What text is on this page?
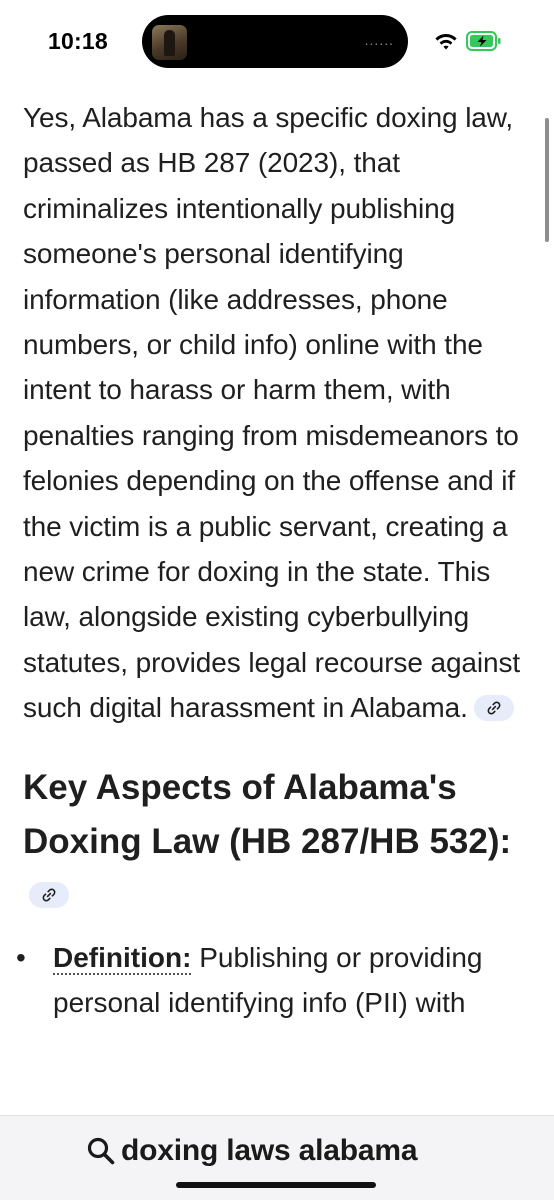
10:18	......

Yes, Alabama has a specific doxing law, passed as HB 287 (2023), that criminalizes intentionally publishing someone's personal identifying information (like addresses, phone numbers, or child info) online with the intent to harass or harm them, with penalties ranging from misdemeanors to felonies depending on the offense and if the victim is a public servant, creating a new crime for doxing in the state. This law, alongside existing cyberbullying statutes, provides legal recourse against such digital harassment in Alabama.

Key Aspects of Alabama's Doxing Law (HB 287/HB 532):
• Definition: Publishing or providing personal identifying info (PII) with
doxing laws alabama
